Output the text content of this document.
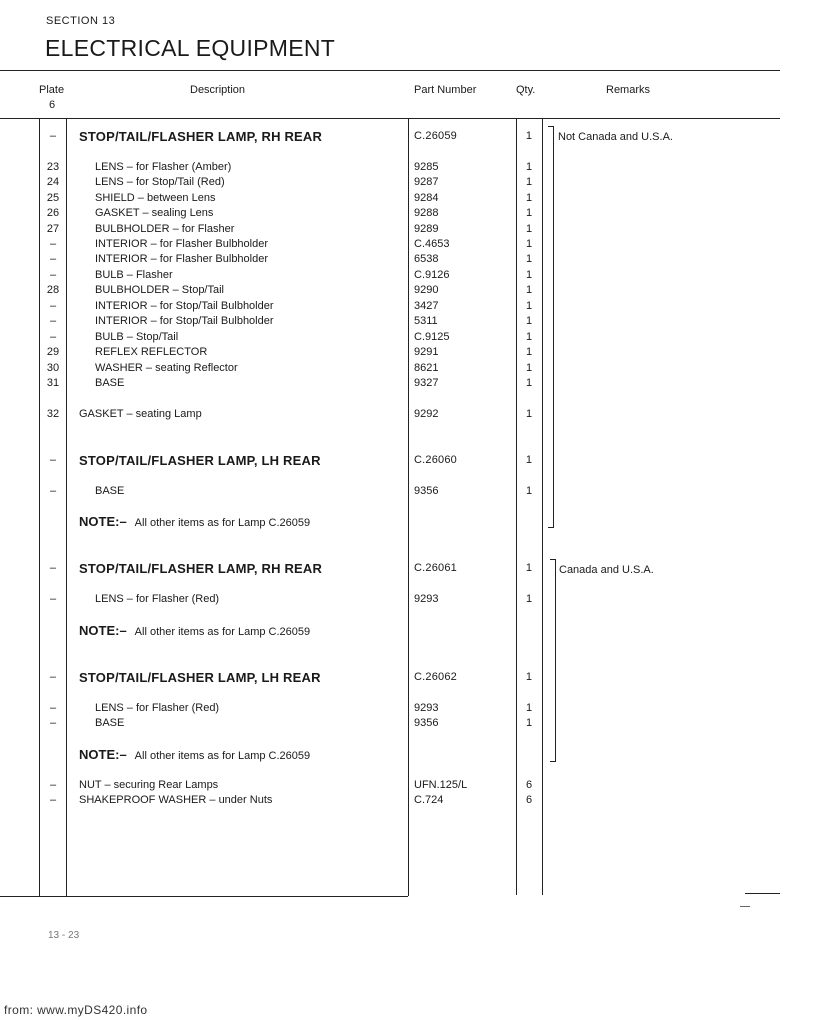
SECTION 13
ELECTRICAL EQUIPMENT
Plate
6
Description	Part Number	Qty.	Remarks
–	STOP/TAIL/FLASHER LAMP, RH REAR	C.26059	1
23	LENS – for Flasher (Amber)	9285	1
24	LENS – for Stop/Tail (Red)	9287	1
25	SHIELD – between Lens	9284	1
26	GASKET – sealing Lens	9288	1
27	BULBHOLDER – for Flasher	9289	1
–	INTERIOR – for Flasher Bulbholder	C.4653	1
–	INTERIOR – for Flasher Bulbholder	6538	1
–	BULB – Flasher	C.9126	1
28	BULBHOLDER – Stop/Tail	9290	1
–	INTERIOR – for Stop/Tail Bulbholder	3427	1
–	INTERIOR – for Stop/Tail Bulbholder	5311	1
–	BULB – Stop/Tail	C.9125	1
29	REFLEX REFLECTOR	9291	1
30	WASHER – seating Reflector	8621	1
31	BASE	9327	1
32	GASKET – seating Lamp	9292	1
–	STOP/TAIL/FLASHER LAMP, LH REAR	C.26060	1
–	BASE	9356	1
NOTE:– All other items as for Lamp C.26059
–	STOP/TAIL/FLASHER LAMP, RH REAR	C.26061	1
–	LENS – for Flasher (Red)	9293	1
NOTE:– All other items as for Lamp C.26059
–	STOP/TAIL/FLASHER LAMP, LH REAR	C.26062	1
–	LENS – for Flasher (Red)	9293	1
–	BASE	9356	1
NOTE:– All other items as for Lamp C.26059
–	NUT – securing Rear Lamps	UFN.125/L	6
–	SHAKEPROOF WASHER – under Nuts	C.724	6
Not Canada and U.S.A.
Canada and U.S.A.
13 - 23
from: www.myDS420.info
